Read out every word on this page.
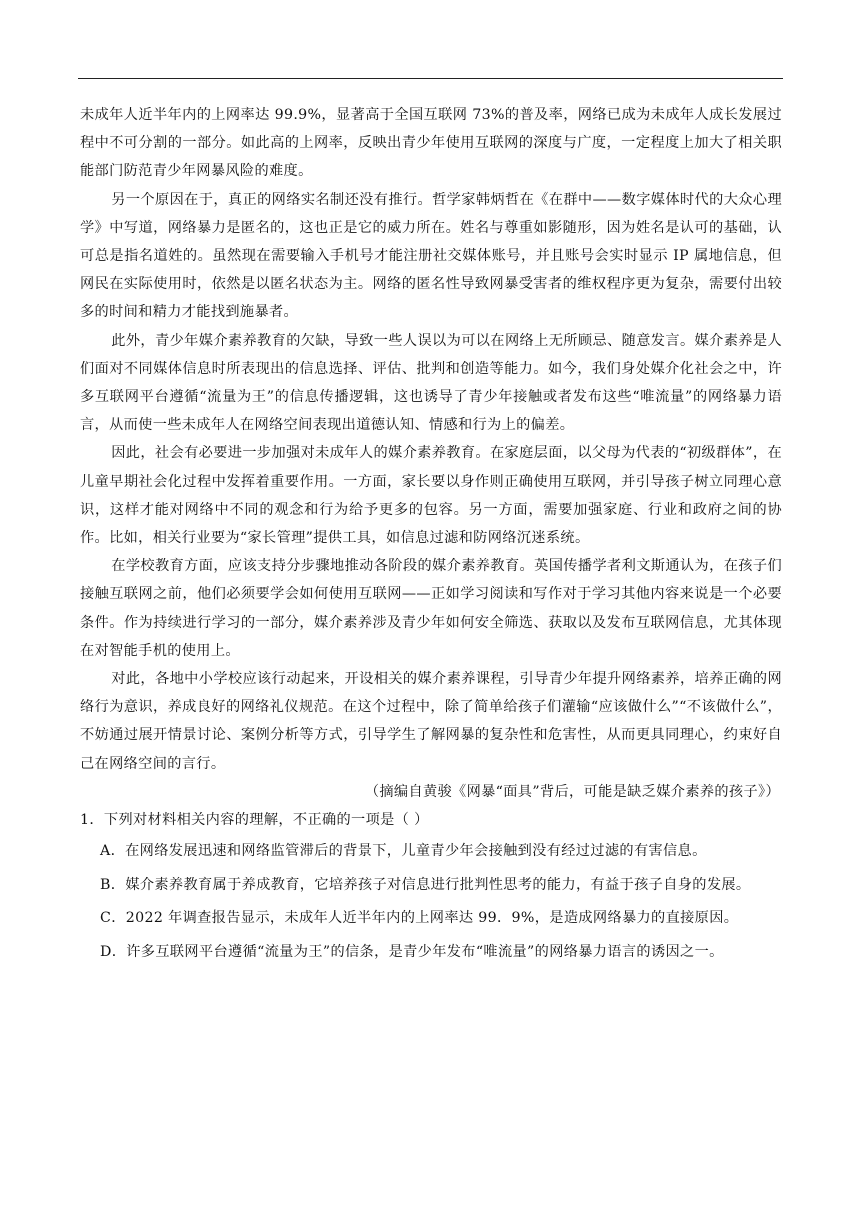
未成年人近半年内的上网率达 99.9%，显著高于全国互联网 73%的普及率，网络已成为未成年人成长发展过程中不可分割的一部分。如此高的上网率，反映出青少年使用互联网的深度与广度，一定程度上加大了相关职能部门防范青少年网暴风险的难度。

另一个原因在于，真正的网络实名制还没有推行。哲学家韩炳哲在《在群中——数字媒体时代的大众心理学》中写道，网络暴力是匿名的，这也正是它的威力所在。姓名与尊重如影随形，因为姓名是认可的基础，认可总是指名道姓的。虽然现在需要输入手机号才能注册社交媒体账号，并且账号会实时显示 IP 属地信息，但网民在实际使用时，依然是以匿名状态为主。网络的匿名性导致网暴受害者的维权程序更为复杂，需要付出较多的时间和精力才能找到施暴者。

此外，青少年媒介素养教育的欠缺，导致一些人误以为可以在网络上无所顾忌、随意发言。媒介素养是人们面对不同媒体信息时所表现出的信息选择、评估、批判和创造等能力。如今，我们身处媒介化社会之中，许多互联网平台遵循“流量为王”的信息传播逻辑，这也诱导了青少年接触或者发布这些“唯流量”的网络暴力语言，从而使一些未成年人在网络空间表现出道德认知、情感和行为上的偏差。

因此，社会有必要进一步加强对未成年人的媒介素养教育。在家庭层面，以父母为代表的“初级群体”，在儿童早期社会化过程中发挥着重要作用。一方面，家长要以身作则正确使用互联网，并引导孩子树立同理心意识，这样才能对网络中不同的观念和行为给予更多的包容。另一方面，需要加强家庭、行业和政府之间的协作。比如，相关行业要为“家长管理”提供工具，如信息过滤和防网络沉迷系统。

在学校教育方面，应该支持分步骤地推动各阶段的媒介素养教育。英国传播学者利文斯通认为，在孩子们接触互联网之前，他们必须要学会如何使用互联网——正如学习阅读和写作对于学习其他内容来说是一个必要条件。作为持续进行学习的一部分，媒介素养涉及青少年如何安全筛选、获取以及发布互联网信息，尤其体现在对智能手机的使用上。

对此，各地中小学校应该行动起来，开设相关的媒介素养课程，引导青少年提升网络素养，培养正确的网络行为意识，养成良好的网络礼仪规范。在这个过程中，除了简单给孩子们灌输“应该做什么”“不该做什么”，不妨通过展开情景讨论、案例分析等方式，引导学生了解网暴的复杂性和危害性，从而更具同理心，约束好自己在网络空间的言行。

（摘编自黄骏《网暴“面具”背后，可能是缺乏媒介素养的孩子》）

1．下列对材料相关内容的理解，不正确的一项是（ ）

A．在网络发展迅速和网络监管滞后的背景下，儿童青少年会接触到没有经过过滤的有害信息。

B．媒介素养教育属于养成教育，它培养孩子对信息进行批判性思考的能力，有益于孩子自身的发展。

C．2022 年调查报告显示，未成年人近半年内的上网率达 99．9%，是造成网络暴力的直接原因。

D．许多互联网平台遵循“流量为王”的信条，是青少年发布“唯流量”的网络暴力语言的诱因之一。
